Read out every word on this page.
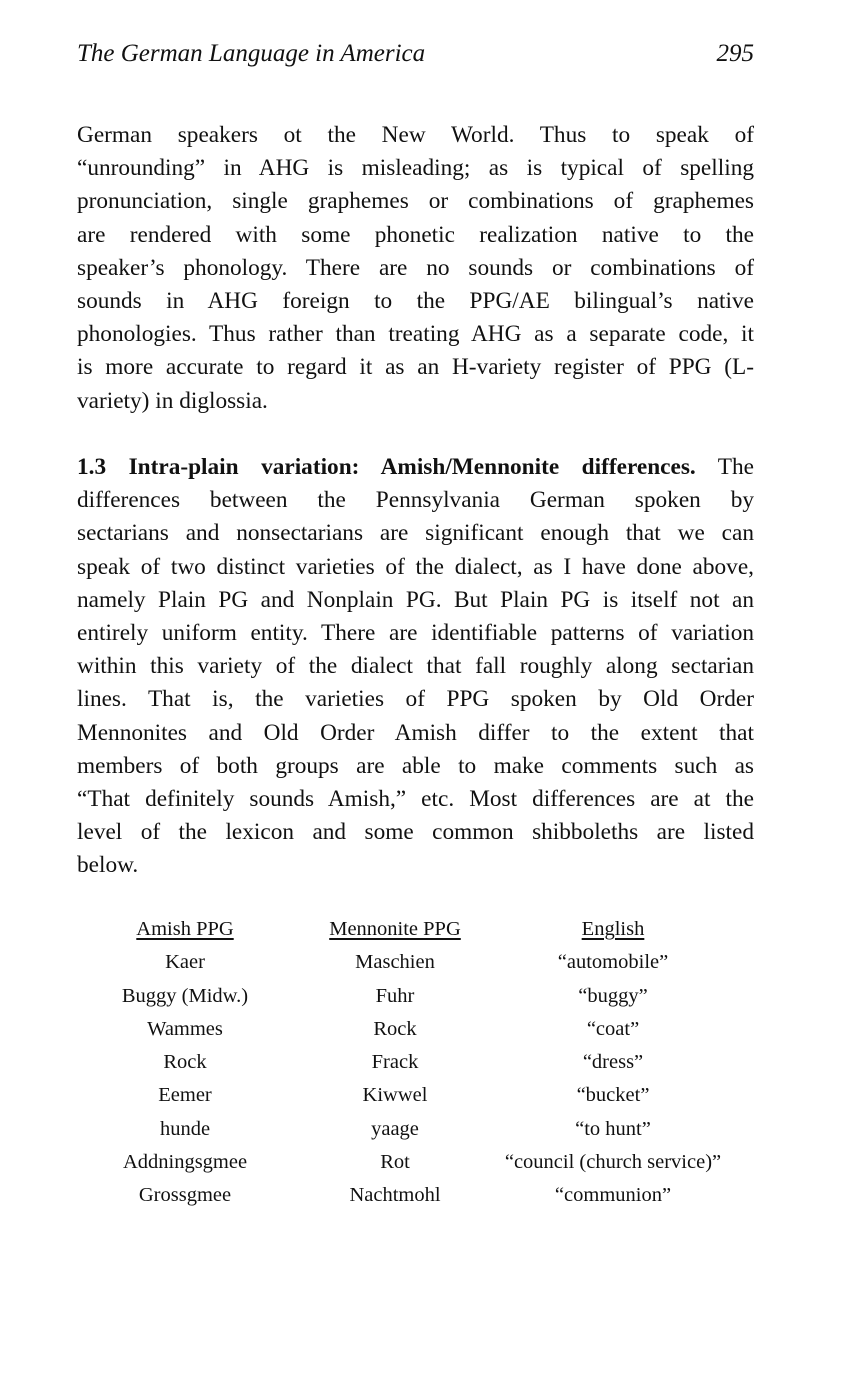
The German Language in America	295
German speakers ot the New World. Thus to speak of
“unrounding” in AHG is misleading; as is typical of spelling
pronunciation, single graphemes or combinations of graphemes
are rendered with some phonetic realization native to the
speaker’s phonology. There are no sounds or combinations of
sounds in AHG foreign to the PPG/AE bilingual’s native
phonologies. Thus rather than treating AHG as a separate code, it
is more accurate to regard it as an H-variety register of PPG (L-
variety) in diglossia.
1.3 Intra-plain variation: Amish/Mennonite differences. The
differences between the Pennsylvania German spoken by
sectarians and nonsectarians are significant enough that we can
speak of two distinct varieties of the dialect, as I have done above,
namely Plain PG and Nonplain PG. But Plain PG is itself not an
entirely uniform entity. There are identifiable patterns of variation
within this variety of the dialect that fall roughly along sectarian
lines. That is, the varieties of PPG spoken by Old Order
Mennonites and Old Order Amish differ to the extent that
members of both groups are able to make comments such as
“That definitely sounds Amish,” etc. Most differences are at the
level of the lexicon and some common shibboleths are listed
below.
Amish PPG	Mennonite PPG	English
Kaer	Maschien	“automobile”
Buggy (Midw.)	Fuhr	“buggy”
Wammes	Rock	“coat”
Rock	Frack	“dress”
Eemer	Kiwwel	“bucket”
hunde	yaage	“to hunt”
Addningsgmee	Rot	“council (church service)”
Grossgmee	Nachtmohl	“communion”
